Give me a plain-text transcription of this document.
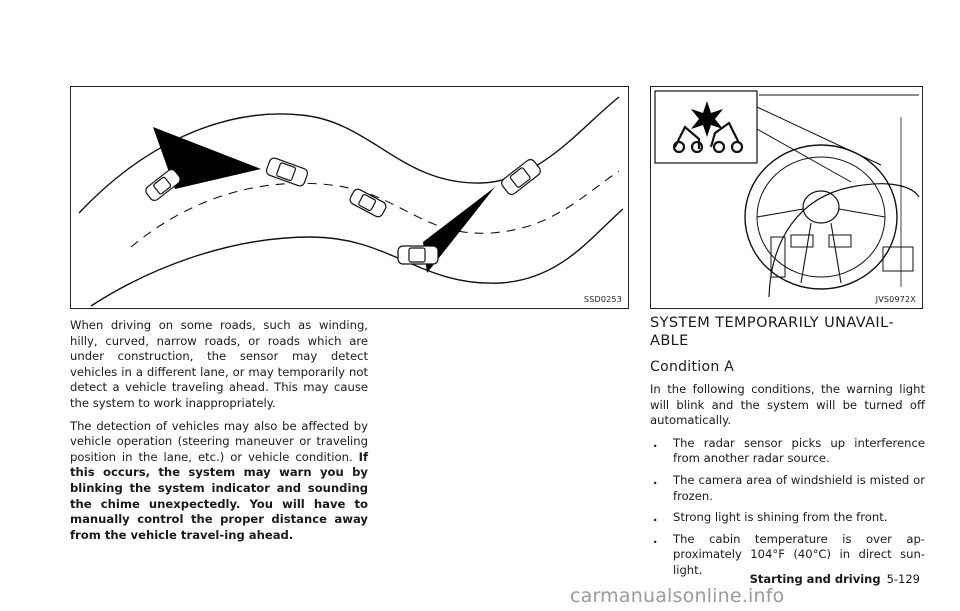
SSD0253	JVS0972X

When driving on some roads, such as winding, hilly, curved, narrow roads, or roads which are under construction, the sensor may detect vehicles in a different lane, or may temporarily not detect a vehicle traveling ahead. This may cause the system to work inappropriately.

The detection of vehicles may also be affected by vehicle operation (steering maneuver or traveling position in the lane, etc.) or vehicle condition. If this occurs, the system may warn you by blinking the system indicator and sounding the chime unexpectedly. You will have to manually control the proper distance away from the vehicle travel-ing ahead.

SYSTEM TEMPORARILY UNAVAIL-ABLE
Condition A

In the following conditions, the warning light will blink and the system will be turned off automatically.

. The radar sensor picks up interference from another radar source.
. The camera area of windshield is misted or frozen.
. Strong light is shining from the front.
. The cabin temperature is over ap-proximately 104°F (40°C) in direct sun-light.
Starting and driving 5-129
carmanualsonline.info
